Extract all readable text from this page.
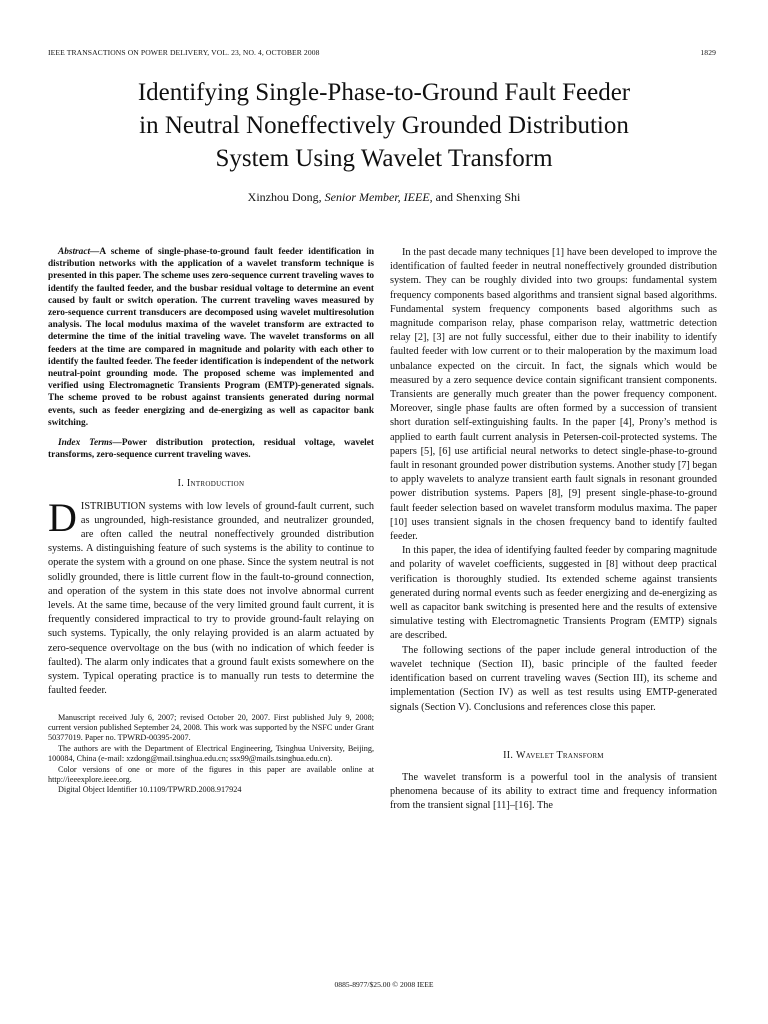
IEEE TRANSACTIONS ON POWER DELIVERY, VOL. 23, NO. 4, OCTOBER 2008	1829
Identifying Single-Phase-to-Ground Fault Feeder
in Neutral Noneffectively Grounded Distribution
System Using Wavelet Transform
Xinzhou Dong, Senior Member, IEEE, and Shenxing Shi

Abstract—A scheme of single-phase-to-ground fault feeder identification in distribution networks with the application of a wavelet transform technique is presented in this paper. The scheme uses zero-sequence current traveling waves to identify the faulted feeder, and the busbar residual voltage to determine an event caused by fault or switch operation. The current traveling waves measured by zero-sequence current transducers are decomposed using wavelet multiresolution analysis. The local modulus maxima of the wavelet transform are extracted to determine the time of the initial traveling wave. The wavelet transforms on all feeders at the time are compared in magnitude and polarity with each other to identify the faulted feeder. The feeder identification is independent of the network neutral-point grounding mode. The proposed scheme was implemented and verified using Electromagnetic Transients Program (EMTP)-generated signals. The scheme proved to be robust against transients generated during normal events, such as feeder energizing and de-energizing as well as capacitor bank switching.

Index Terms—Power distribution protection, residual voltage, wavelet transforms, zero-sequence current traveling waves.

I. Introduction

DISTRIBUTION systems with low levels of ground-fault current, such as ungrounded, high-resistance grounded, and neutralizer grounded, are often called the neutral noneffectively grounded distribution systems. A distinguishing feature of such systems is the ability to continue to operate the system with a ground on one phase. Since the system neutral is not solidly grounded, there is little current flow in the fault-to-ground connection, and operation of the system in this state does not involve abnormal current levels. At the same time, because of the very limited ground fault current, it is frequently considered impractical to try to provide ground-fault relaying on such systems. Typically, the only relaying provided is an alarm actuated by zero-sequence overvoltage on the bus (with no indication of which feeder is faulted). The alarm only indicates that a ground fault exists somewhere on the system. Typical operating practice is to manually run tests to determine the faulted feeder.

Manuscript received July 6, 2007; revised October 20, 2007. First published July 9, 2008; current version published September 24, 2008. This work was supported by the NSFC under Grant 50377019. Paper no. TPWRD-00395-2007.

The authors are with the Department of Electrical Engineering, Tsinghua University, Beijing, 100084, China (e-mail: xzdong@mail.tsinghua.edu.cn; ssx99@mails.tsinghua.edu.cn).

Color versions of one or more of the figures in this paper are available online at http://ieeexplore.ieee.org.

Digital Object Identifier 10.1109/TPWRD.2008.917924

In the past decade many techniques [1] have been developed to improve the identification of faulted feeder in neutral noneffectively grounded distribution system. They can be roughly divided into two groups: fundamental system frequency components based algorithms and transient signal based algorithms. Fundamental system frequency components based algorithms such as magnitude comparison relay, phase comparison relay, wattmetric detection relay [2], [3] are not fully successful, either due to their inability to identify faulted feeder with low current or to their maloperation by the maximum load unbalance expected on the circuit. In fact, the signals which would be measured by a zero sequence device contain significant transient components. Transients are generally much greater than the power frequency component. Moreover, single phase faults are often formed by a succession of transient short duration self-extinguishing faults. In the paper [4], Prony’s method is applied to earth fault current analysis in Petersen-coil-protected systems. The papers [5], [6] use artificial neural networks to detect single-phase-to-ground fault in resonant grounded power distribution systems. Another study [7] began to apply wavelets to analyze transient earth fault signals in resonant grounded power distribution systems. Papers [8], [9] present single-phase-to-ground fault feeder selection based on wavelet transform modulus maxima. The paper [10] uses transient signals in the chosen frequency band to identify faulted feeder.

In this paper, the idea of identifying faulted feeder by comparing magnitude and polarity of wavelet coefficients, suggested in [8] without deep practical verification is thoroughly studied. Its extended scheme against transients generated during normal events such as feeder energizing and de-energizing as well as capacitor bank switching is presented here and the results of extensive simulative testing with Electromagnetic Transients Program (EMTP) signals are described.

The following sections of the paper include general introduction of the wavelet technique (Section II), basic principle of the faulted feeder identification based on current traveling waves (Section III), its scheme and implementation (Section IV) as well as test results using EMTP-generated signals (Section V). Conclusions and references close this paper.

II. Wavelet Transform

The wavelet transform is a powerful tool in the analysis of transient phenomena because of its ability to extract time and frequency information from the transient signal [11]–[16]. The

0885-8977/$25.00 © 2008 IEEE
